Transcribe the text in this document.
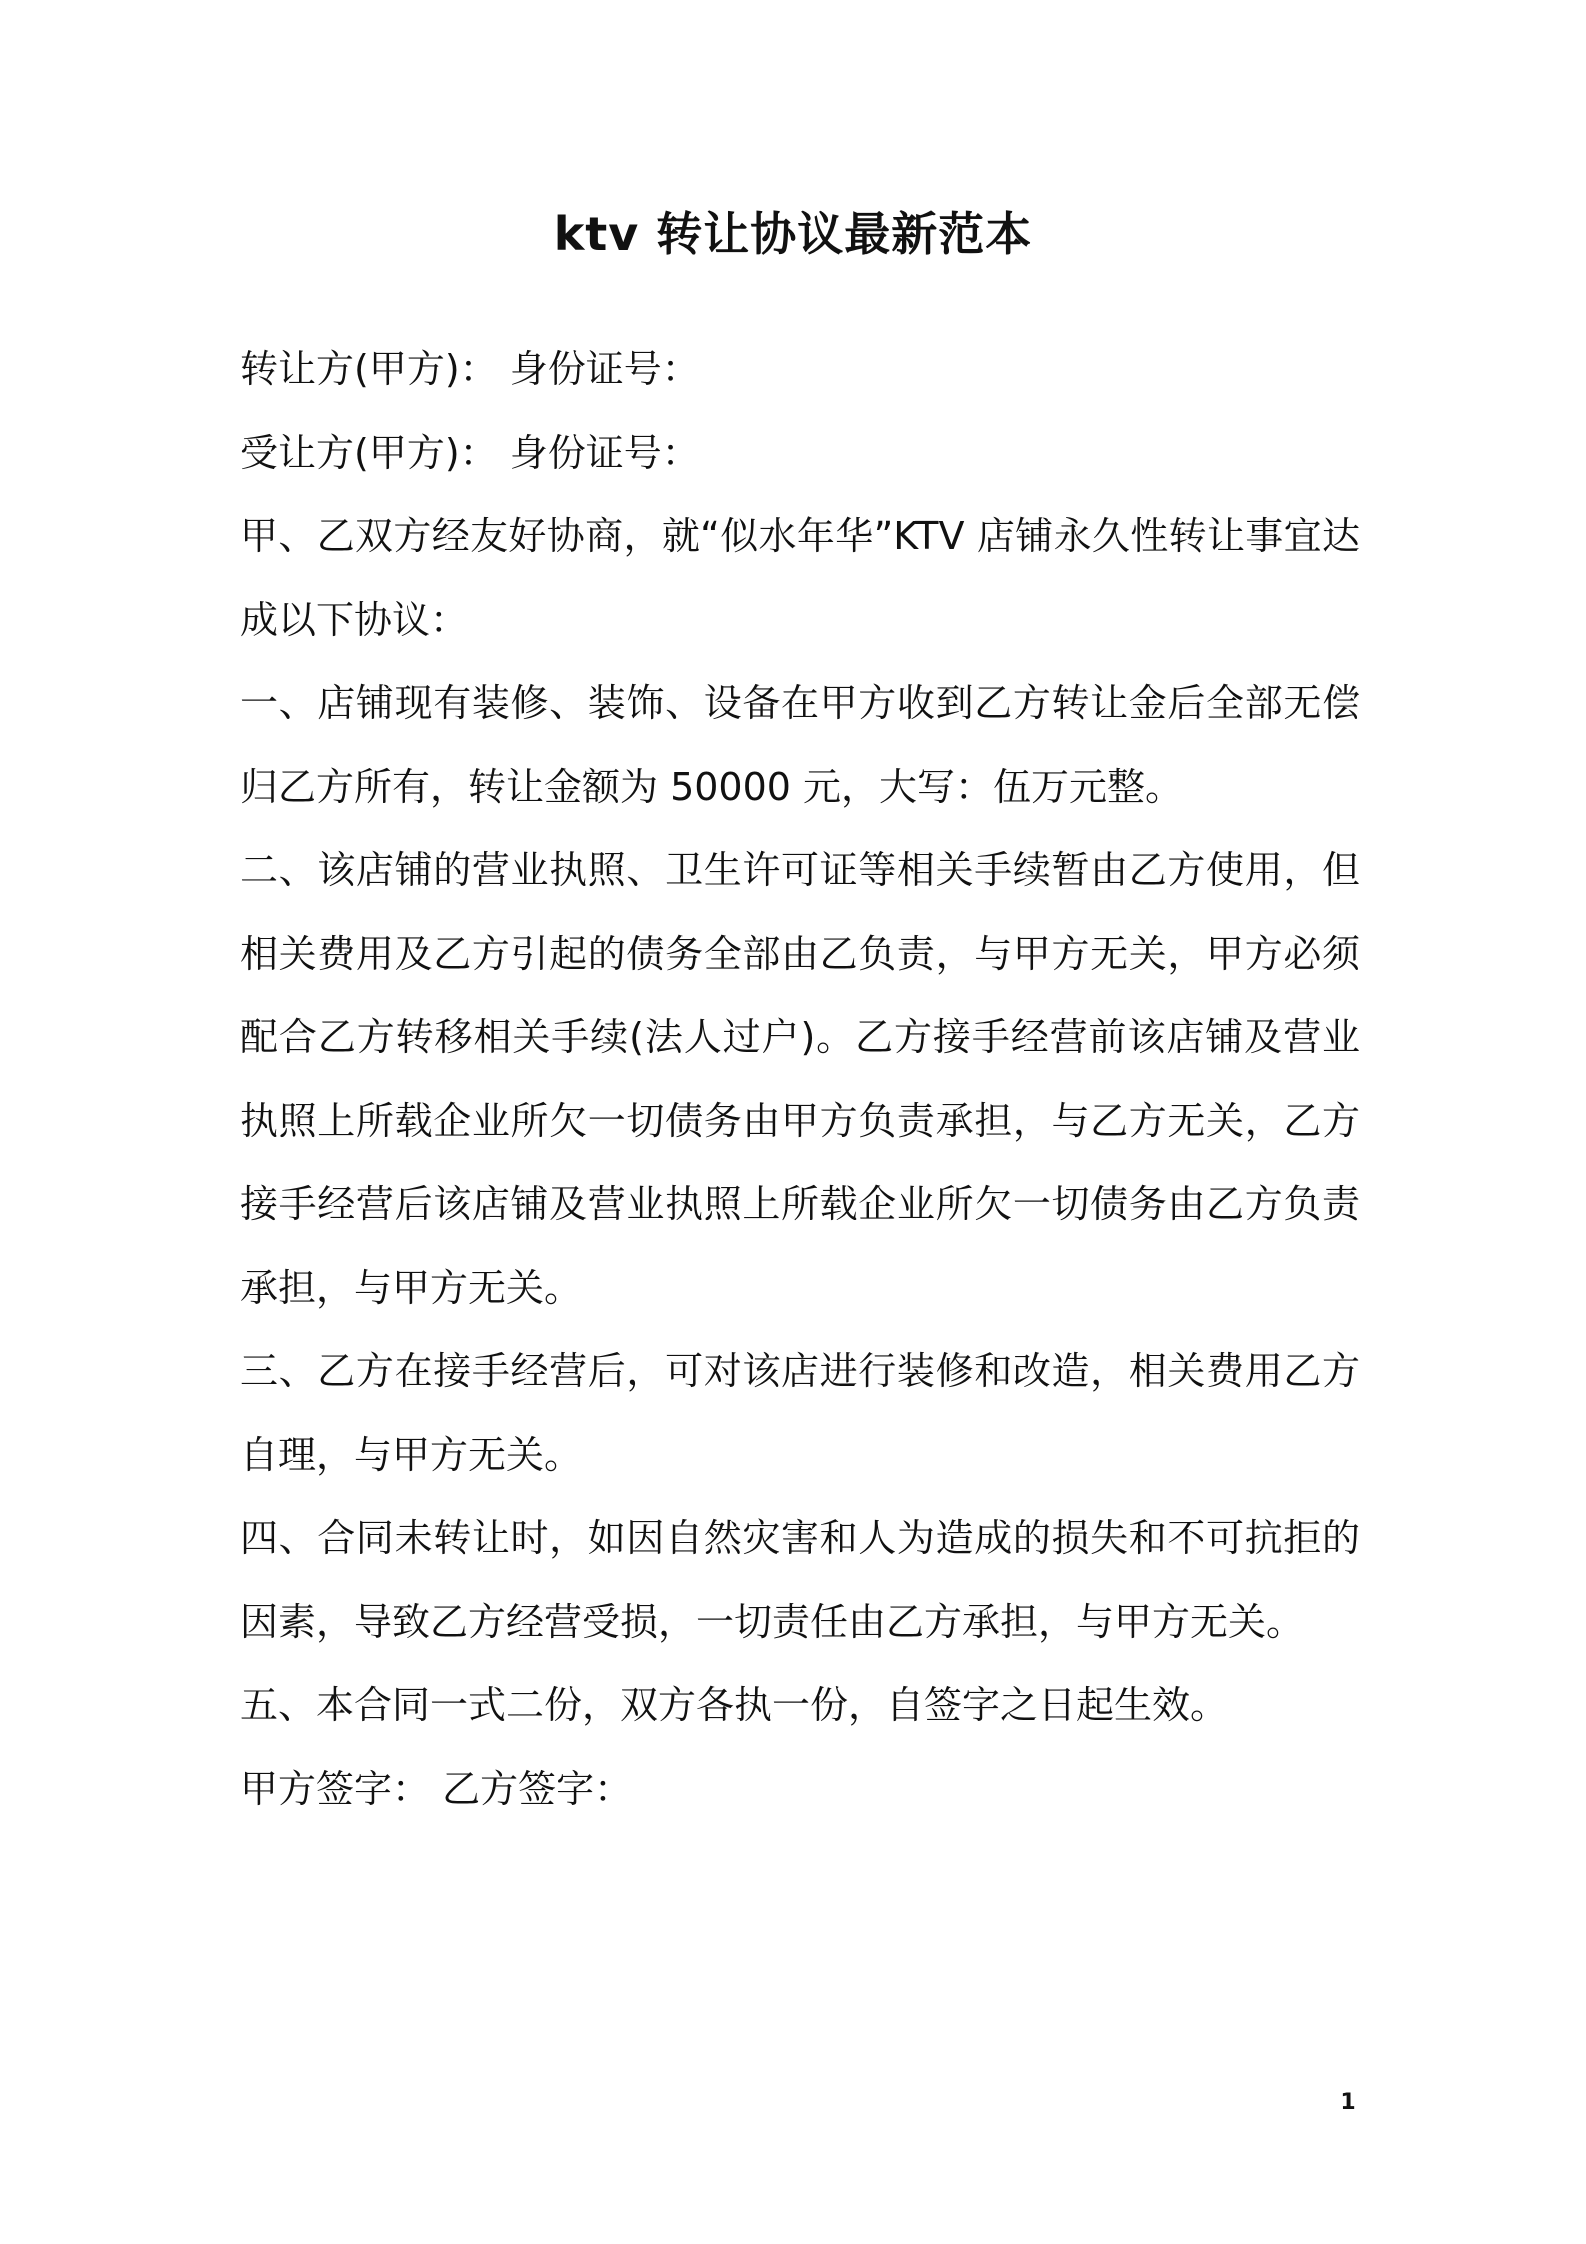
ktv 转让协议最新范本

转让方(甲方)： 身份证号：

受让方(甲方)： 身份证号：

甲、乙双方经友好协商，就“似水年华”KTV 店铺永久性转让事宜达成以下协议：

一、店铺现有装修、装饰、设备在甲方收到乙方转让金后全部无偿归乙方所有，转让金额为 50000 元，大写：伍万元整。

二、该店铺的营业执照、卫生许可证等相关手续暂由乙方使用，但相关费用及乙方引起的债务全部由乙负责，与甲方无关，甲方必须配合乙方转移相关手续(法人过户)。乙方接手经营前该店铺及营业执照上所载企业所欠一切债务由甲方负责承担，与乙方无关，乙方接手经营后该店铺及营业执照上所载企业所欠一切债务由乙方负责承担，与甲方无关。

三、乙方在接手经营后，可对该店进行装修和改造，相关费用乙方自理，与甲方无关。

四、合同未转让时，如因自然灾害和人为造成的损失和不可抗拒的因素，导致乙方经营受损，一切责任由乙方承担，与甲方无关。

五、本合同一式二份，双方各执一份，自签字之日起生效。

甲方签字： 乙方签字：

1
